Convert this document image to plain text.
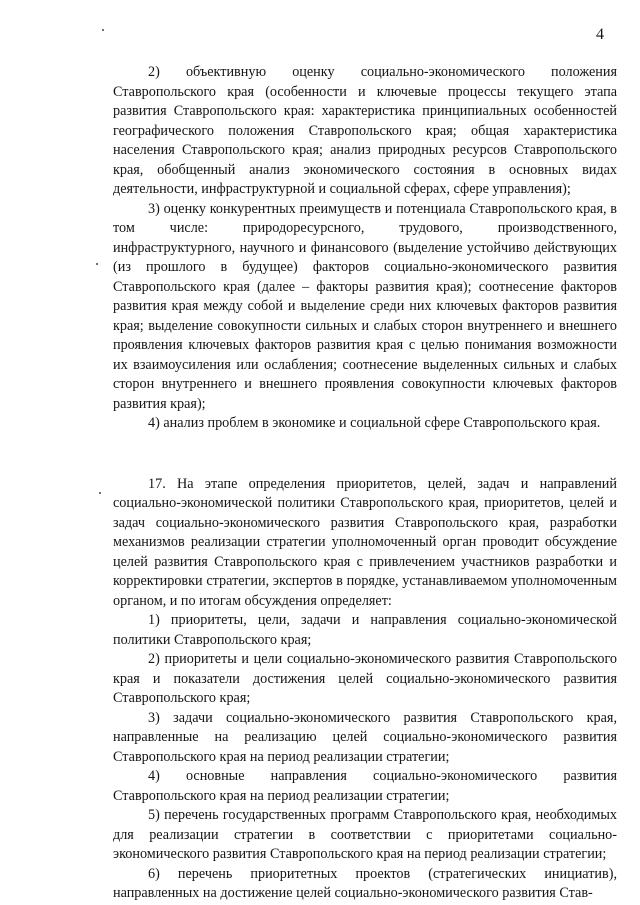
4

2) объективную оценку социально-экономического положения Ставропольского края (особенности и ключевые процессы текущего этапа развития Ставропольского края: характеристика принципиальных особенностей географического положения Ставропольского края; общая характеристика населения Ставропольского края; анализ природных ресурсов Ставропольского края, обобщенный анализ экономического состояния в основных видах деятельности, инфраструктурной и социальной сферах, сфере управления);

3) оценку конкурентных преимуществ и потенциала Ставропольского края, в том числе: природоресурсного, трудового, производственного, инфраструктурного, научного и финансового (выделение устойчиво действующих (из прошлого в будущее) факторов социально-экономического развития Ставропольского края (далее – факторы развития края); соотнесение факторов развития края между собой и выделение среди них ключевых факторов развития края; выделение совокупности сильных и слабых сторон внутреннего и внешнего проявления ключевых факторов развития края с целью понимания возможности их взаимоусиления или ослабления; соотнесение выделенных сильных и слабых сторон внутреннего и внешнего проявления совокупности ключевых факторов развития края);

4) анализ проблем в экономике и социальной сфере Ставропольского края.

17. На этапе определения приоритетов, целей, задач и направлений социально-экономической политики Ставропольского края, приоритетов, целей и задач социально-экономического развития Ставропольского края, разработки механизмов реализации стратегии уполномоченный орган проводит обсуждение целей развития Ставропольского края с привлечением участников разработки и корректировки стратегии, экспертов в порядке, устанавливаемом уполномоченным органом, и по итогам обсуждения определяет:

1) приоритеты, цели, задачи и направления социально-экономической политики Ставропольского края;

2) приоритеты и цели социально-экономического развития Ставропольского края и показатели достижения целей социально-экономического развития Ставропольского края;

3) задачи социально-экономического развития Ставропольского края, направленные на реализацию целей социально-экономического развития Ставропольского края на период реализации стратегии;

4) основные направления социально-экономического развития Ставропольского края на период реализации стратегии;

5) перечень государственных программ Ставропольского края, необходимых для реализации стратегии в соответствии с приоритетами социально-экономического развития Ставропольского края на период реализации стратегии;

6) перечень приоритетных проектов (стратегических инициатив), направленных на достижение целей социально-экономического развития Став-
